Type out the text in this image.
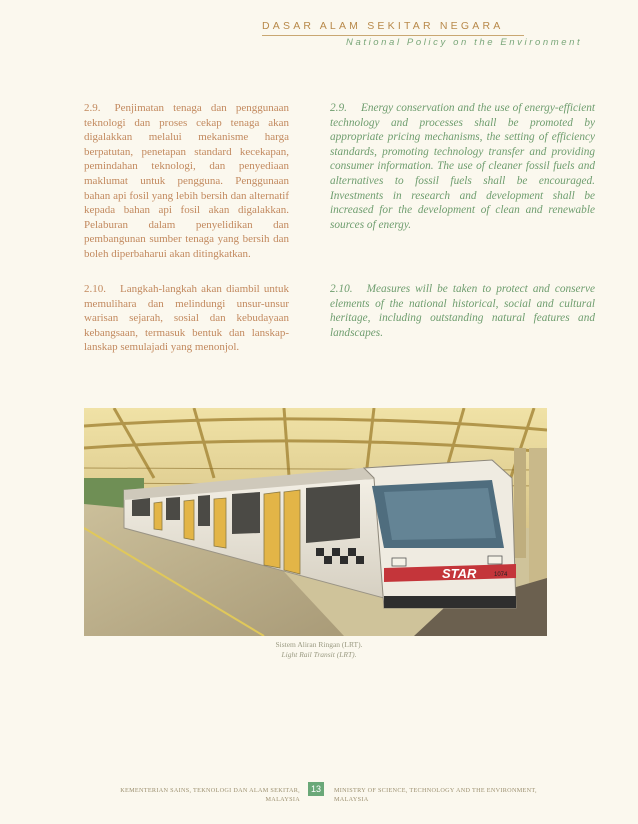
DASAR ALAM SEKITAR NEGARA
National Policy on the Environment
2.9. Penjimatan tenaga dan penggunaan teknologi dan proses cekap tenaga akan digalakkan melalui mekanisme harga berpatutan, penetapan standard kecekapan, pemindahan teknologi, dan penyediaan maklumat untuk pengguna. Penggunaan bahan api fosil yang lebih bersih dan alternatif kepada bahan api fosil akan digalakkan. Pelaburan dalam penyelidikan dan pembangunan sumber tenaga yang bersih dan boleh diperbaharui akan ditingkatkan.
2.9. Energy conservation and the use of energy-efficient technology and processes shall be promoted by appropriate pricing mechanisms, the setting of efficiency standards, promoting technology transfer and providing consumer information. The use of cleaner fossil fuels and alternatives to fossil fuels shall be encouraged. Investments in research and development shall be increased for the development of clean and renewable sources of energy.
2.10. Langkah-langkah akan diambil untuk memulihara dan melindungi unsur-unsur warisan sejarah, sosial dan kebudayaan kebangsaan, termasuk bentuk dan lanskap-lanskap semulajadi yang menonjol.
2.10. Measures will be taken to protect and conserve elements of the national historical, social and cultural heritage, including outstanding natural features and landscapes.
STAR	1074
Sistem Aliran Ringan (LRT).
Light Rail Transit (LRT).
KEMENTERIAN SAINS, TEKNOLOGI DAN ALAM SEKITAR,
MALAYSIA
13	MINISTRY OF SCIENCE, TECHNOLOGY AND THE ENVIRONMENT,
MALAYSIA
